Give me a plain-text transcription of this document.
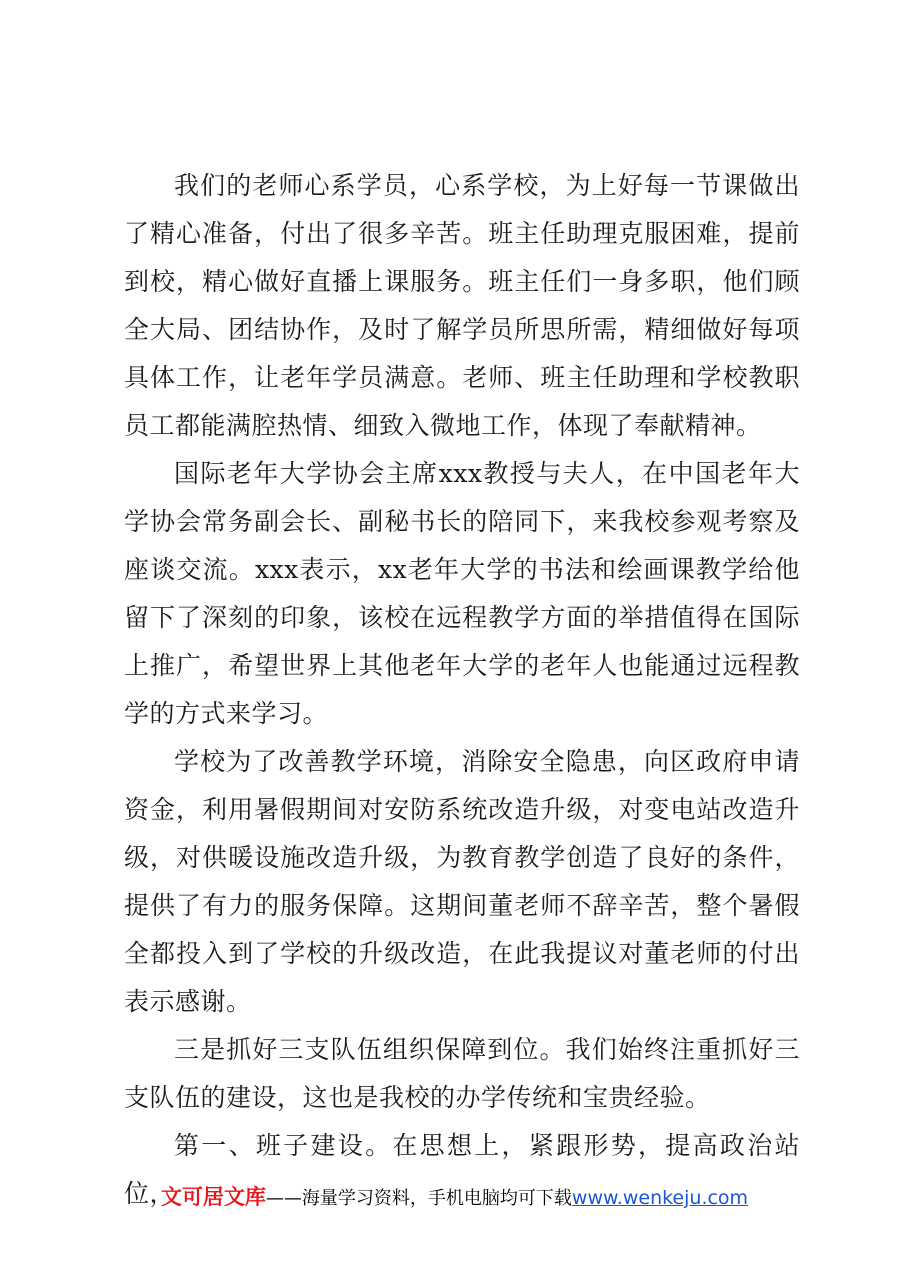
我们的老师心系学员，心系学校，为上好每一节课做出了精心准备，付出了很多辛苦。班主任助理克服困难，提前到校，精心做好直播上课服务。班主任们一身多职，他们顾全大局、团结协作，及时了解学员所思所需，精细做好每项具体工作，让老年学员满意。老师、班主任助理和学校教职员工都能满腔热情、细致入微地工作，体现了奉献精神。

国际老年大学协会主席xxx教授与夫人，在中国老年大学协会常务副会长、副秘书长的陪同下，来我校参观考察及座谈交流。xxx表示，xx老年大学的书法和绘画课教学给他留下了深刻的印象，该校在远程教学方面的举措值得在国际上推广，希望世界上其他老年大学的老年人也能通过远程教学的方式来学习。

学校为了改善教学环境，消除安全隐患，向区政府申请资金，利用暑假期间对安防系统改造升级，对变电站改造升级，对供暖设施改造升级，为教育教学创造了良好的条件，提供了有力的服务保障。这期间董老师不辞辛苦，整个暑假全都投入到了学校的升级改造，在此我提议对董老师的付出表示感谢。

三是抓好三支队伍组织保障到位。我们始终注重抓好三支队伍的建设，这也是我校的办学传统和宝贵经验。

第一、班子建设。在思想上，紧跟形势，提高政治站位，

文可居文库——海量学习资料，手机电脑均可下载www.wenkeju.com
